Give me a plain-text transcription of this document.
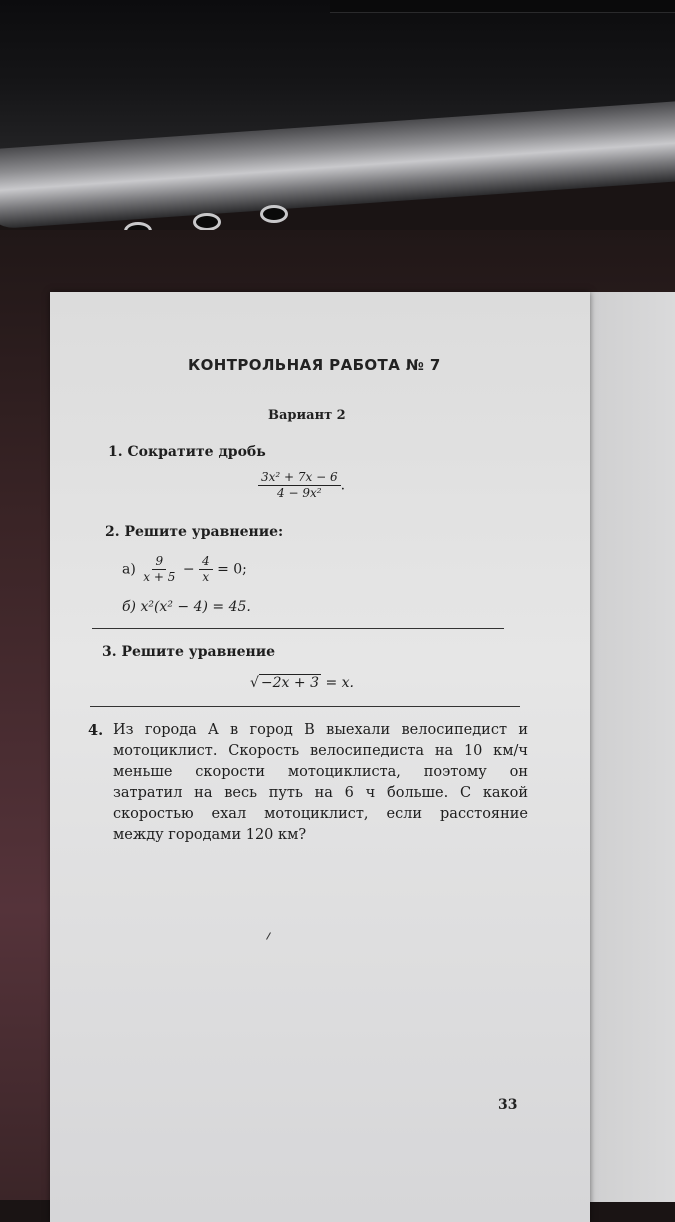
КОНТРОЛЬНАЯ РАБОТА № 7
Вариант 2
1. Сократите дробь
$\frac{\text{3x² + 7x − 6}}{\text{4 − 9x²}}$ .
2. Решите уравнение:
$а) \frac{9}{x + 5} - \frac{4}{x} = 0$;
б) x²(x² − 4) = 45.
3. Решите уравнение
√ −2x + 3 = x.
4. Из города A в город B выехали велосипедист и мотоциклист. Скорость велосипедиста на 10 км/ч меньше скорости мотоциклиста, поэтому он затратил на весь путь на 6 ч больше. С какой скоростью ехал мотоциклист, если расстояние между городами 120 км?
33
